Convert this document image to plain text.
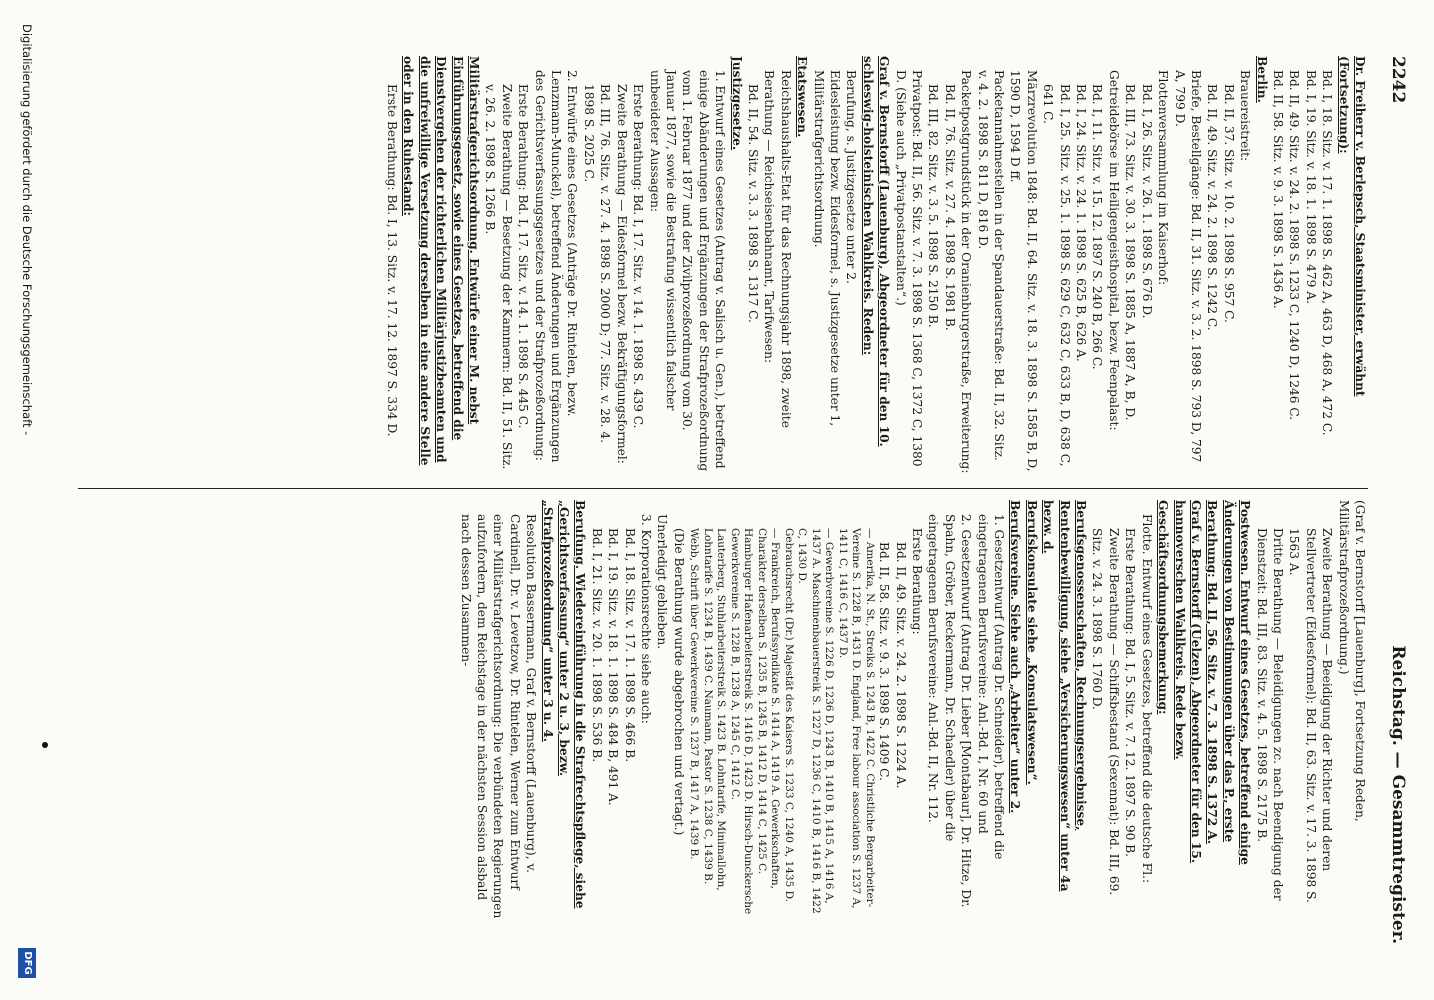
2242
Reichstag. — Gesammtregister.
Dr. Freiherr v. Berlepsch, Staatsminister, erwähnt (Fortsetzung):
Bd. I, 18. Sitz. v. 17. 1. 1898 S. 462 A, 463 D, 468 A, 472 C.
Bd. I, 19. Sitz. v. 18. 1. 1898 S. 479 A.
Bd. II, 49. Sitz. v. 24. 2. 1898 S. 1233 C, 1240 D, 1246 C.
Bd. II, 58. Sitz. v. 9. 3. 1898 S. 1436 A.
Berlin.
Brauereistreit:
Bd. II, 37. Sitz. v. 10. 2. 1898 S. 957 C.
Bd. II, 49. Sitz. v. 24. 2. 1898 S. 1242 C.
Briefe, Bestellgänge: Bd. II, 31. Sitz. v. 3. 2. 1898 S. 793 D, 797 A, 799 D.
Flottenversammlung im Kaiserhof:
Bd. I, 26. Sitz. v. 26. 1. 1898 S. 676 D.
Bd. III, 73. Sitz. v. 30. 3. 1898 S. 1885 A, 1887 A, B, D.
Getreidebörse im Heiligengeisthospital, bezw. Feenpalast:
Bd. I, 11. Sitz. v. 15. 12. 1897 S. 240 B, 266 C.
Bd. I, 24. Sitz. v. 24. 1. 1898 S. 625 B, 626 A.
Bd. I, 25. Sitz. v. 25. 1. 1898 S. 629 C, 632 C, 633 B, D, 638 C, 641 C.
Märzrevolution 1848: Bd. II, 64. Sitz. v. 18. 3. 1898 S. 1585 B, D, 1590 D, 1594 D ff.
Packetannahmestellen in der Spandauerstraße: Bd. II, 32. Sitz. v. 4. 2. 1898 S. 811 D, 816 D.
Packetpostgrundstück in der Oranienburgerstraße, Erweiterung:
Bd. II, 76. Sitz. v. 27. 4. 1898 S. 1981 B.
Bd. III, 82. Sitz. v. 3. 5. 1898 S. 2150 B.
Privatpost: Bd. II, 56. Sitz. v. 7. 3. 1898 S. 1368 C, 1372 C, 1380 D. (Siehe auch „Privatpostanstalten“.)
Graf v. Bernstorff (Lauenburg), Abgeordneter für den 10. schleswig-holsteinischen Wahlkreis. Reden:
Berufung, s. Justizgesetze unter 2.
Eidesleistung bezw. Eidesformel, s. Justizgesetze unter 1, Militärstrafgerichtsordnung.
Etatswesen.
Reichshaushalts-Etat für das Rechnungsjahr 1898, zweite Berathung — Reichseisenbahnamt, Tarifwesen:
Bd. II, 54. Sitz. v. 3. 3. 1898 S. 1317 C.
Justizgesetze.
1. Entwurf eines Gesetzes (Antrag v. Salisch u. Gen.), betreffend einige Abänderungen und Ergänzungen der Strafprozeßordnung vom 1. Februar 1877 und der Zivilprozeßordnung vom 30. Januar 1877, sowie die Bestrafung wissentlich falscher unbeeideter Aussagen:
Erste Berathung: Bd. I, 17. Sitz. v. 14. 1. 1898 S. 439 C.
Zweite Berathung — Eidesformel bezw. Bekräftigungsformel: Bd. III, 76. Sitz. v. 27. 4. 1898 S. 2000 D; 77. Sitz. v. 28. 4. 1898 S. 2025 C.
2. Entwürfe eines Gesetzes (Anträge Dr. Rintelen, bezw. Lenzmann-Munckel), betreffend Änderungen und Ergänzungen des Gerichtsverfassungsgesetzes und der Strafprozeßordnung:
Erste Berathung: Bd. I, 17. Sitz. v. 14. 1. 1898 S. 445 C.
Zweite Berathung — Besetzung der Kammern: Bd. II, 51. Sitz. v. 26. 2. 1898 S. 1266 B.
Militärstrafgerichtsordnung. Entwürfe einer M. nebst Einführungsgesetz, sowie eines Gesetzes, betreffend die Dienstvergehen der richterlichen Militärjustizbeamten und die unfreiwillige Versetzung derselben in eine andere Stelle oder in den Ruhestand:
Erste Berathung: Bd. I, 13. Sitz. v. 17. 12. 1897 S. 334 D.
(Graf v. Bernstorff [Lauenburg], Fortsetzung Reden, Militärstrafprozeßordnung.)
Zweite Berathung — Beeidigung der Richter und deren Stellvertreter (Eidesformel): Bd. II, 63. Sitz. v. 17. 3. 1898 S. 1563 A.
Dritte Berathung — Beleidigungen zc. nach Beendigung der Dienstzeit: Bd. III, 83. Sitz. v. 4. 5. 1898 S. 2175 B.
Postwesen. Entwurf eines Gesetzes, betreffend einige Änderungen von Bestimmungen über das P., erste Berathung: Bd. II, 56. Sitz. v. 7. 3. 1898 S. 1372 A.
Graf v. Bernstorff (Uelzen), Abgeordneter für den 15. hannoverschen Wahlkreis. Rede bezw. Geschäftsordnungsbemerkung:
Flotte. Entwurf eines Gesetzes, betreffend die deutsche Fl.:
Erste Berathung: Bd. I, 5. Sitz. v. 7. 12. 1897 S. 90 B.
Zweite Berathung — Schiffsbestand (Sexennat): Bd. III, 69. Sitz. v. 24. 3. 1898 S. 1760 D.
Berufsgenossenschaften, Rechnungsergebnisse, Rentenbewilligung, siehe „Versicherungswesen“ unter 4a bezw. d.
Berufskonsulate siehe „Konsulatswesen“.
Berufsvereine. Siehe auch „Arbeiter“ unter 2.
1. Gesetzentwurf (Antrag Dr. Schneider), betreffend die eingetragenen Berufsvereine: Anl.-Bd. I, Nr. 60 und
2. Gesetzentwurf (Antrag Dr. Lieber [Montabaur], Dr. Hitze, Dr. Spahn, Gröber, Reckermann, Dr. Schaedler) über die eingetragenen Berufsvereine: Anl.-Bd. II, Nr. 112.
Erste Berathung:
Bd. II, 49. Sitz. v. 24. 2. 1898 S. 1224 A.
Bd. II, 58. Sitz. v. 9. 3. 1898 S. 1409 C.
— Amerika, N. St., Streiks S. 1243 B, 1422 C. Christliche Bergarbeiter-Vereine S. 1228 B, 1431 D. England, Free labour association S. 1237 A, 1411 C, 1416 C, 1437 D.
— Gewerbvereine S. 1226 D, 1236 D, 1243 B, 1410 B, 1415 A, 1416 A, 1437 A. Maschinenbauerstreik S. 1227 D, 1236 C, 1410 B, 1416 B, 1422 C, 1430 D.
Gebrauchsrecht (Dr.) Majestät des Kaisers S. 1233 C, 1240 A, 1435 D.
— Frankreich, Berufssyndikate S. 1414 A, 1419 A. Gewerkschaften, Charakter derselben S. 1235 B, 1245 B, 1412 D, 1414 C, 1425 C.
Hamburger Hafenarbeiterstreik S. 1416 D, 1423 D. Hirsch-Dunckersche Gewerkvereine S. 1228 B, 1238 A, 1245 C, 1412 C.
Lauterberg, Stuhlarbeiterstreik S. 1423 B. Lohntarife, Minimallohn, Lohntarife S. 1234 B, 1439 C. Naumann, Pastor S. 1238 C, 1439 B. Webb, Schrift über Gewerkvereine S. 1237 B, 1417 A, 1439 B.
(Die Berathung wurde abgebrochen und vertagt.)
Unerledigt geblieben.
3. Korporationsrechte siehe auch:
Bd. I, 18. Sitz. v. 17. 1. 1898 S. 466 B.
Bd. I, 19. Sitz. v. 18. 1. 1898 S. 484 B, 491 A.
Bd. I, 21. Sitz. v. 20. 1. 1898 S. 536 B.
Berufung. Wiedereinführung in die Strafrechtspflege, siehe „Gerichtsverfassung“ unter 2 u. 3, bezw. „Strafprozeßordnung“ unter 3 u. 4.
Resolution Bassermann, Graf v. Bernstorff (Lauenburg), v. Cardinell, Dr. v. Levetzow, Dr. Rintelen, Werner zum Entwurf einer Militärstrafgerichtsordnung: Die verbündeten Regierungen aufzufordern, dem Reichstage in der nächsten Session alsbald nach dessen Zusammen-
Digitalisierung gefördert durch die Deutsche Forschungsgemeinschaft -
DFG
